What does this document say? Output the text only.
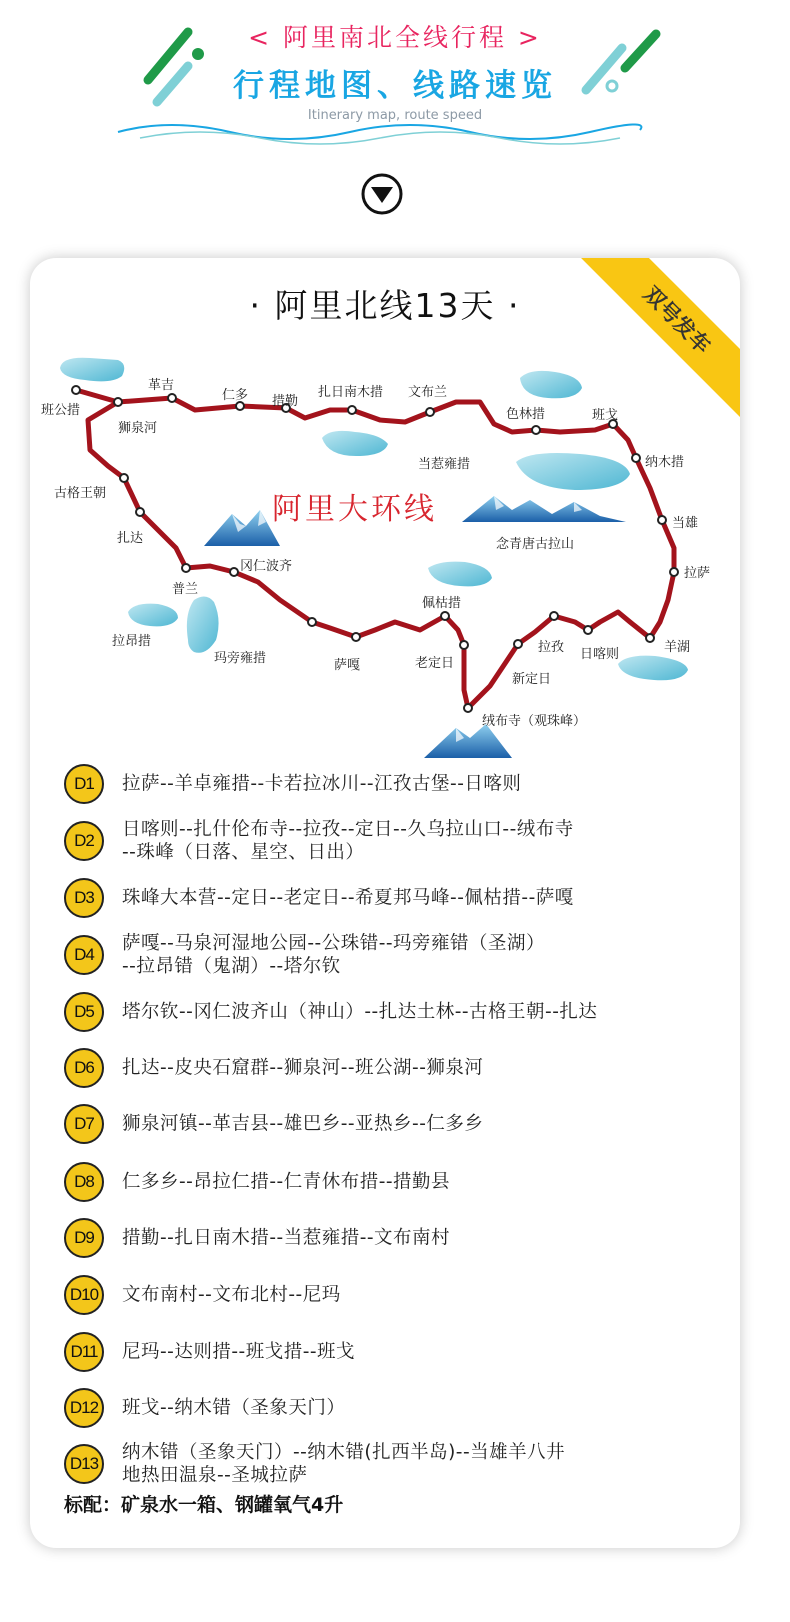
< 阿里南北全线行程 >
行程地图、线路速览
Itinerary map, route speed
· 阿里北线13天 ·	双号发车
阿里大环线
班公措
狮泉河
革吉
仁多 措勤
扎日南木措 文布兰
色林措	班戈
纳木措
当雄
拉萨
羊湖
日喀则
拉孜
新定日
绒布寺（观珠峰）
老定日
佩枯措
萨嘎
玛旁雍措
拉昂措
普兰
冈仁波齐
扎达
古格王朝
当惹雍措
念青唐古拉山
D1	拉萨--羊卓雍措--卡若拉冰川--江孜古堡--日喀则
D2
日喀则--扎什伦布寺--拉孜--定日--久乌拉山口--绒布寺
--珠峰（日落、星空、日出）
D3	珠峰大本营--定日--老定日--希夏邦马峰--佩枯措--萨嘎
D4
萨嘎--马泉河湿地公园--公珠错--玛旁雍错（圣湖）
--拉昂错（鬼湖）--塔尔钦
D5	塔尔钦--冈仁波齐山（神山）--扎达土林--古格王朝--扎达
D6	扎达--皮央石窟群--狮泉河--班公湖--狮泉河
D7	狮泉河镇--革吉县--雄巴乡--亚热乡--仁多乡
D8	仁多乡--昂拉仁措--仁青休布措--措勤县
D9	措勤--扎日南木措--当惹雍措--文布南村
D10	文布南村--文布北村--尼玛
D11	尼玛--达则措--班戈措--班戈
D12	班戈--纳木错（圣象天门）
D13
纳木错（圣象天门）--纳木错(扎西半岛)--当雄羊八井
地热田温泉--圣城拉萨
标配：矿泉水一箱、钢罐氧气4升
